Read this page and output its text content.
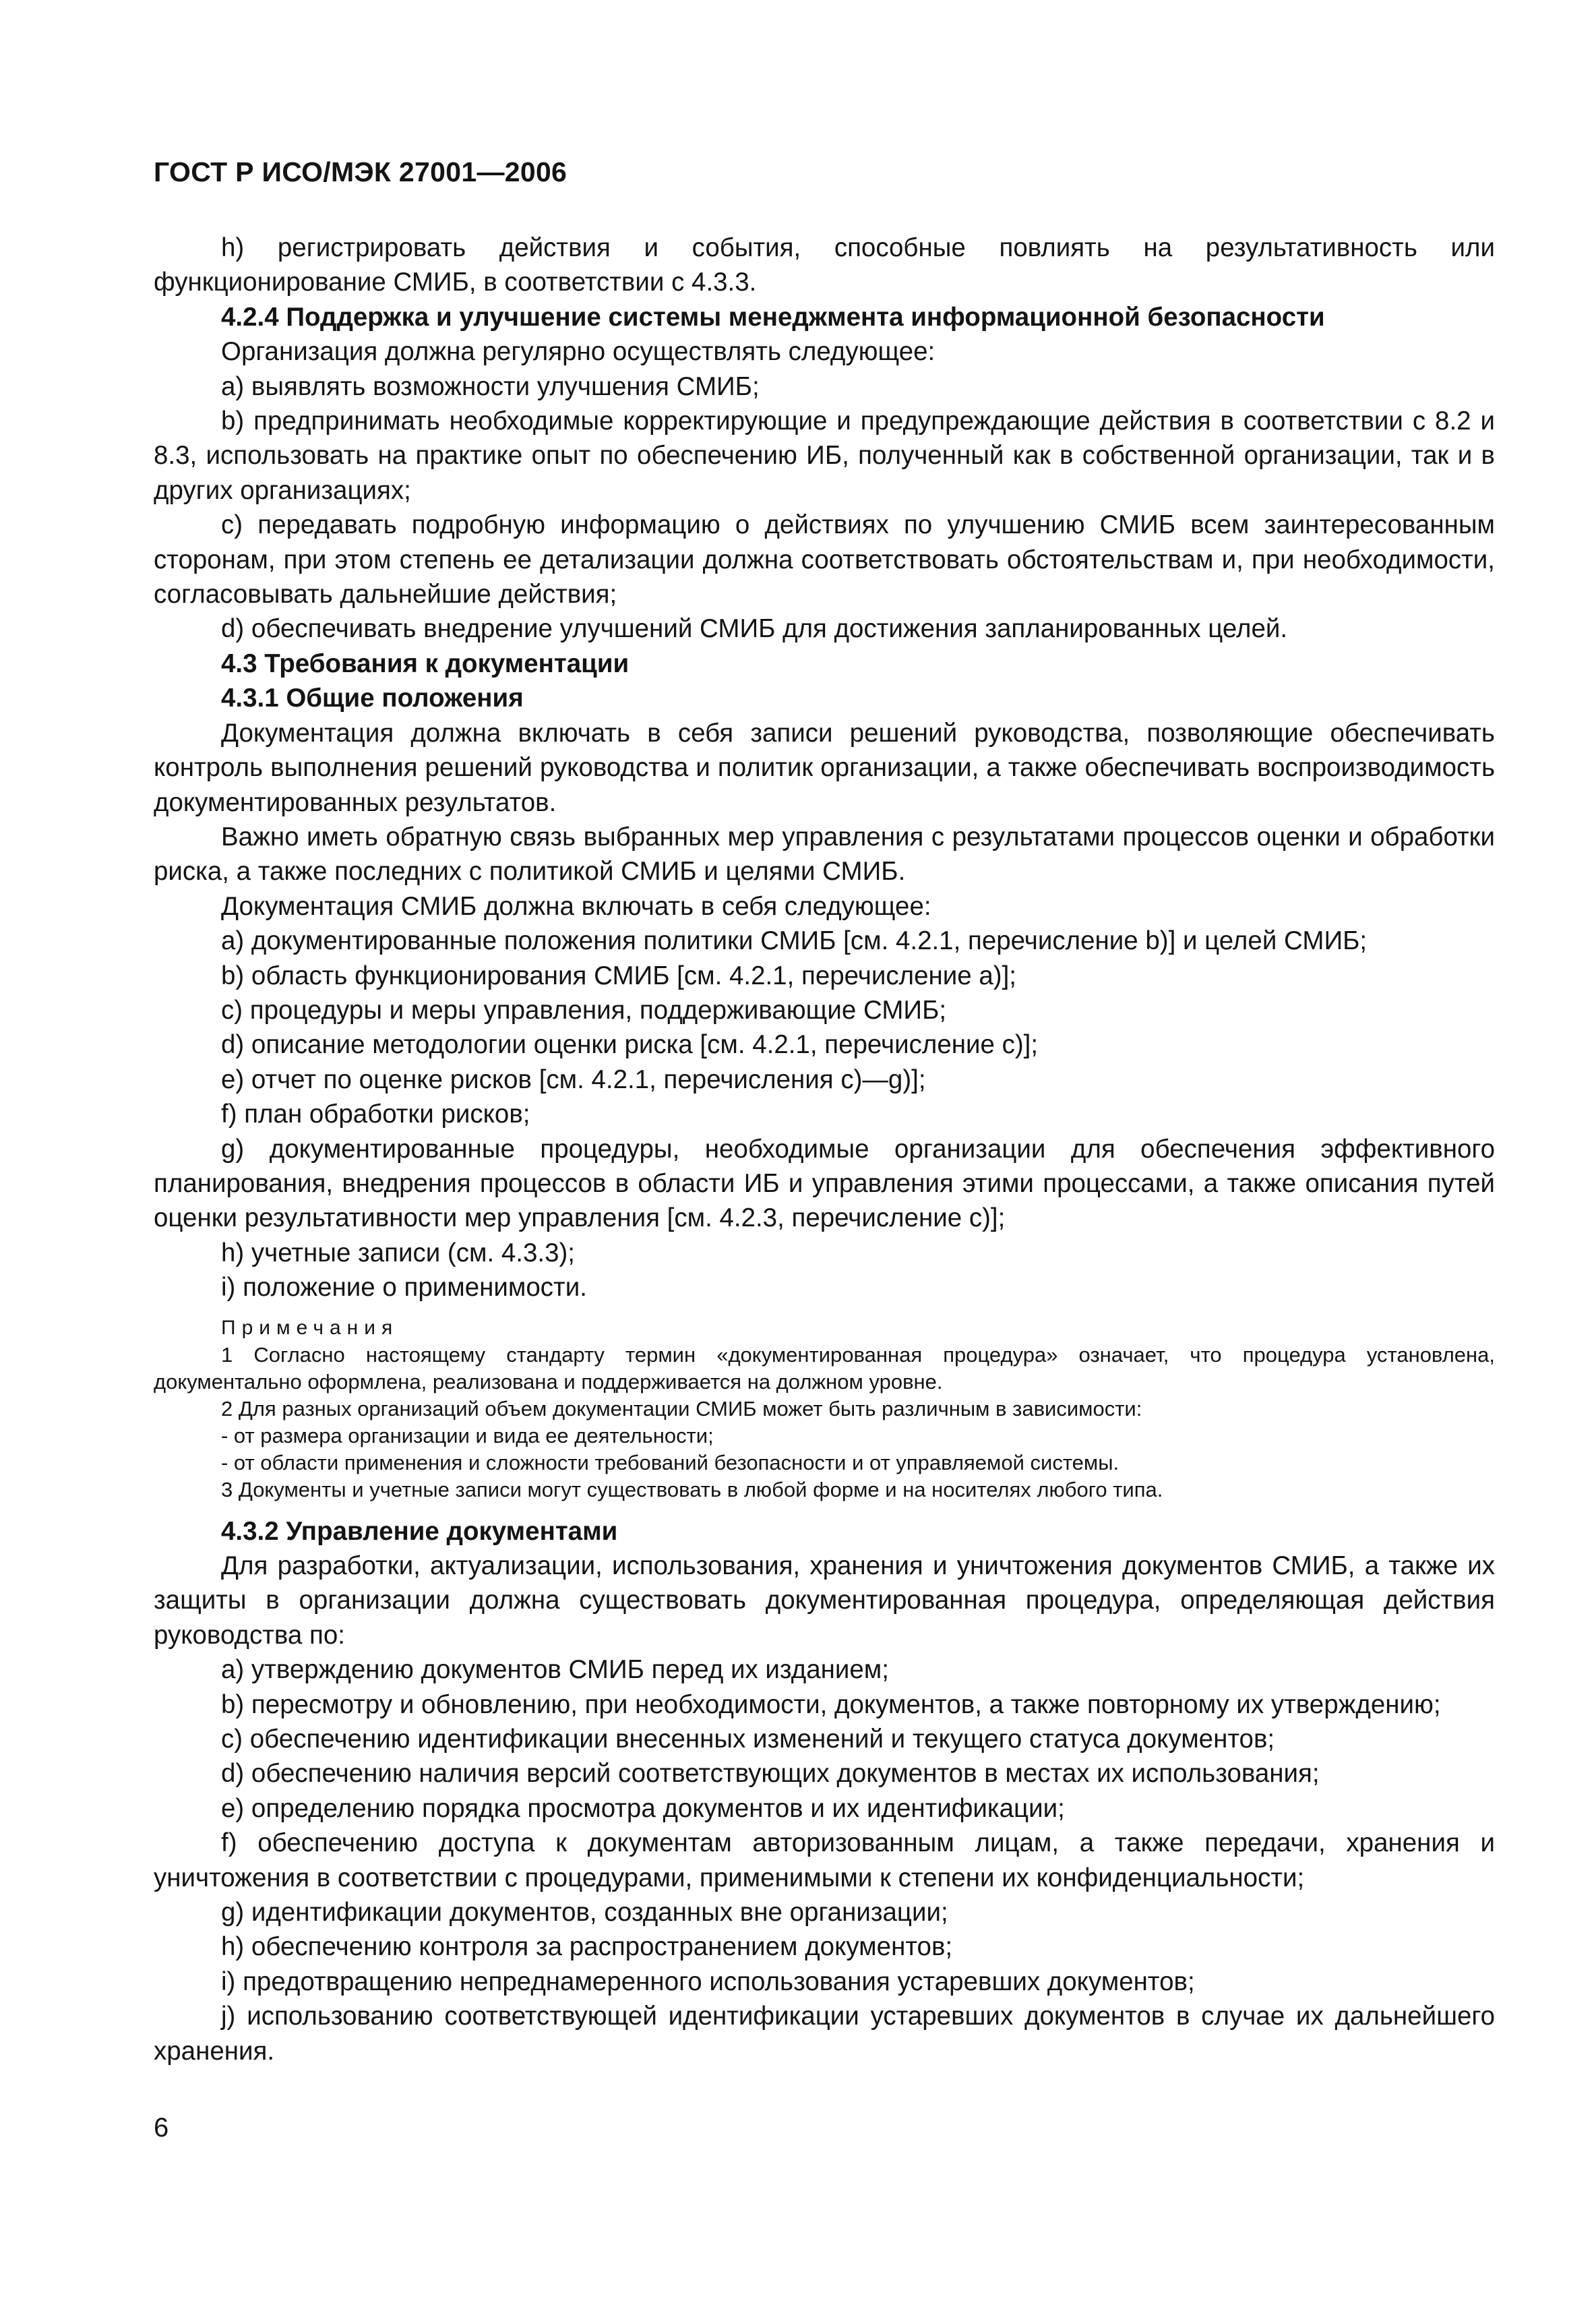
ГОСТ Р ИСО/МЭК 27001—2006

h) регистрировать действия и события, способные повлиять на результативность или функционирование СМИБ, в соответствии с 4.3.3.

4.2.4 Поддержка и улучшение системы менеджмента информационной безопасности

Организация должна регулярно осуществлять следующее:

a) выявлять возможности улучшения СМИБ;

b) предпринимать необходимые корректирующие и предупреждающие действия в соответствии с 8.2 и 8.3, использовать на практике опыт по обеспечению ИБ, полученный как в собственной организации, так и в других организациях;

c) передавать подробную информацию о действиях по улучшению СМИБ всем заинтересованным сторонам, при этом степень ее детализации должна соответствовать обстоятельствам и, при необходимости, согласовывать дальнейшие действия;

d) обеспечивать внедрение улучшений СМИБ для достижения запланированных целей.

4.3 Требования к документации

4.3.1 Общие положения

Документация должна включать в себя записи решений руководства, позволяющие обеспечивать контроль выполнения решений руководства и политик организации, а также обеспечивать воспроизводимость документированных результатов.

Важно иметь обратную связь выбранных мер управления с результатами процессов оценки и обработки риска, а также последних с политикой СМИБ и целями СМИБ.

Документация СМИБ должна включать в себя следующее:

a) документированные положения политики СМИБ [см. 4.2.1, перечисление b)] и целей СМИБ;

b) область функционирования СМИБ [см. 4.2.1, перечисление а)];

c) процедуры и меры управления, поддерживающие СМИБ;

d) описание методологии оценки риска [см. 4.2.1, перечисление c)];

e) отчет по оценке рисков [см. 4.2.1, перечисления c)—g)];

f) план обработки рисков;

g) документированные процедуры, необходимые организации для обеспечения эффективного планирования, внедрения процессов в области ИБ и управления этими процессами, а также описания путей оценки результативности мер управления [см. 4.2.3, перечисление c)];

h) учетные записи (см. 4.3.3);

i) положение о применимости.

Примечания

1 Согласно настоящему стандарту термин «документированная процедура» означает, что процедура установлена, документально оформлена, реализована и поддерживается на должном уровне.

2 Для разных организаций объем документации СМИБ может быть различным в зависимости:

- от размера организации и вида ее деятельности;

- от области применения и сложности требований безопасности и от управляемой системы.

3 Документы и учетные записи могут существовать в любой форме и на носителях любого типа.

4.3.2 Управление документами

Для разработки, актуализации, использования, хранения и уничтожения документов СМИБ, а также их защиты в организации должна существовать документированная процедура, определяющая действия руководства по:

a) утверждению документов СМИБ перед их изданием;

b) пересмотру и обновлению, при необходимости, документов, а также повторному их утверждению;

c) обеспечению идентификации внесенных изменений и текущего статуса документов;

d) обеспечению наличия версий соответствующих документов в местах их использования;

e) определению порядка просмотра документов и их идентификации;

f) обеспечению доступа к документам авторизованным лицам, а также передачи, хранения и уничтожения в соответствии с процедурами, применимыми к степени их конфиденциальности;

g) идентификации документов, созданных вне организации;

h) обеспечению контроля за распространением документов;

i) предотвращению непреднамеренного использования устаревших документов;

j) использованию соответствующей идентификации устаревших документов в случае их дальнейшего хранения.

6
